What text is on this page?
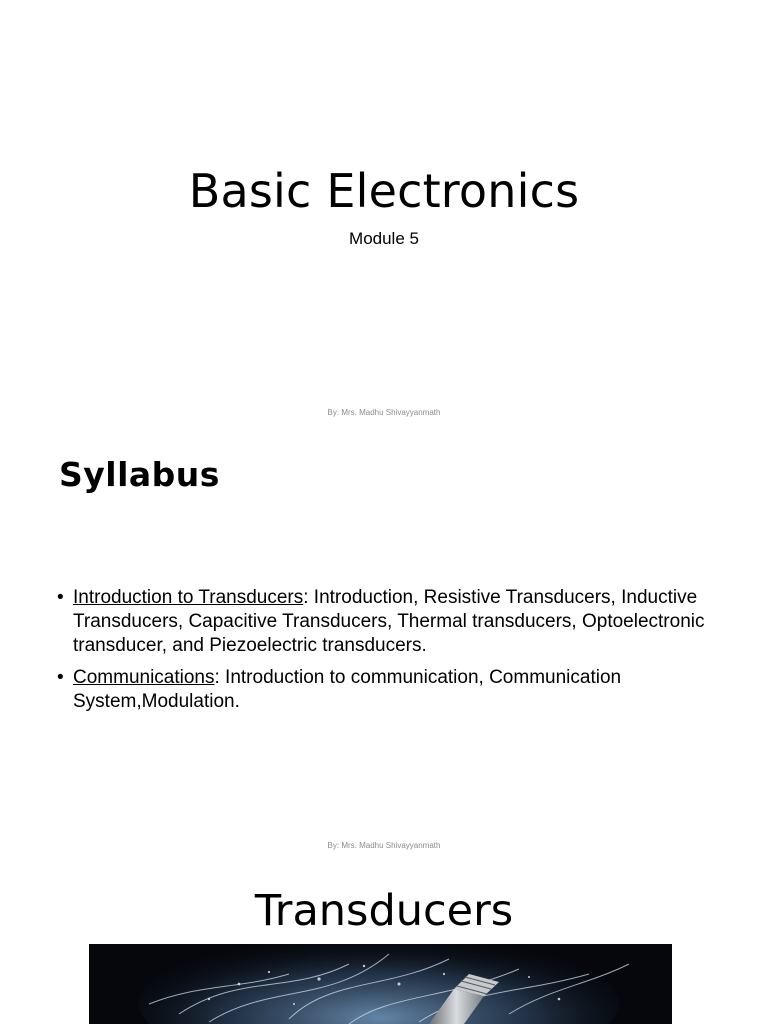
Basic Electronics
Module 5
By: Mrs. Madhu Shivayyanmath
Syllabus
• Introduction to Transducers: Introduction, Resistive Transducers, Inductive Transducers, Capacitive Transducers, Thermal transducers, Optoelectronic transducer, and Piezoelectric transducers.
• Communications: Introduction to communication, Communication System,Modulation.
By: Mrs. Madhu Shivayyanmath
Transducers
